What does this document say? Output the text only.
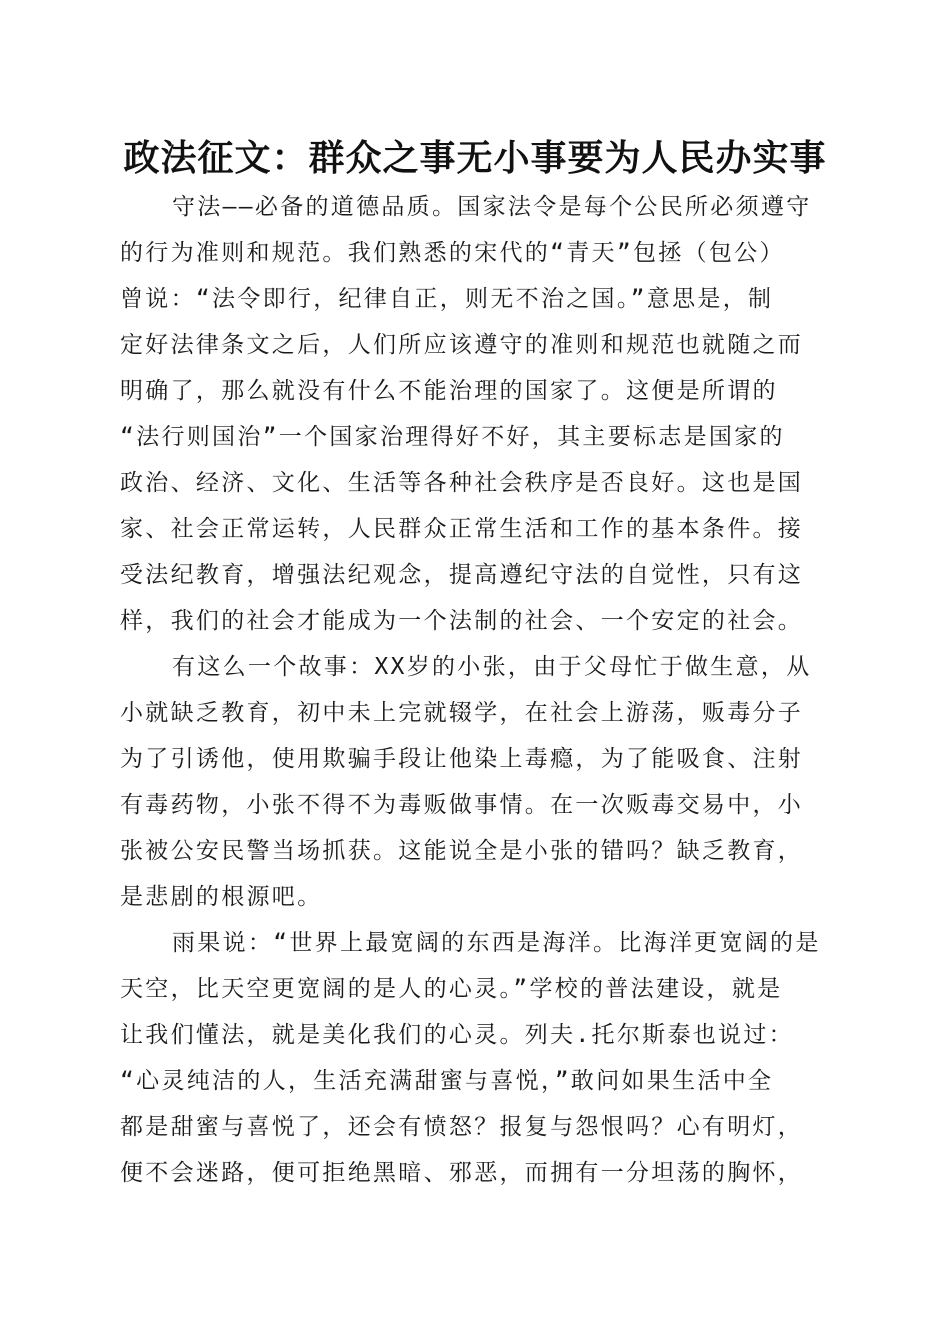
政法征文：群众之事无小事要为人民办实事
守法——必备的道德品质。国家法令是每个公民所必须遵守
的行为准则和规范。我们熟悉的宋代的“青天”包拯（包公）
曾说：“法令即行，纪律自正，则无不治之国。”意思是，制
定好法律条文之后，人们所应该遵守的准则和规范也就随之而
明确了，那么就没有什么不能治理的国家了。这便是所谓的
“法行则国治”一个国家治理得好不好，其主要标志是国家的
政治、经济、文化、生活等各种社会秩序是否良好。这也是国
家、社会正常运转，人民群众正常生活和工作的基本条件。接
受法纪教育，增强法纪观念，提高遵纪守法的自觉性，只有这
样，我们的社会才能成为一个法制的社会、一个安定的社会。
有这么一个故事：XX岁的小张，由于父母忙于做生意，从
小就缺乏教育，初中未上完就辍学，在社会上游荡，贩毒分子
为了引诱他，使用欺骗手段让他染上毒瘾，为了能吸食、注射
有毒药物，小张不得不为毒贩做事情。在一次贩毒交易中，小
张被公安民警当场抓获。这能说全是小张的错吗？缺乏教育，
是悲剧的根源吧。
雨果说：“世界上最宽阔的东西是海洋。比海洋更宽阔的是
天空，比天空更宽阔的是人的心灵。”学校的普法建设，就是
让我们懂法，就是美化我们的心灵。列夫.托尔斯泰也说过：
“心灵纯洁的人，生活充满甜蜜与喜悦，”敢问如果生活中全
都是甜蜜与喜悦了，还会有愤怒？报复与怨恨吗？心有明灯，
便不会迷路，便可拒绝黑暗、邪恶，而拥有一分坦荡的胸怀，
